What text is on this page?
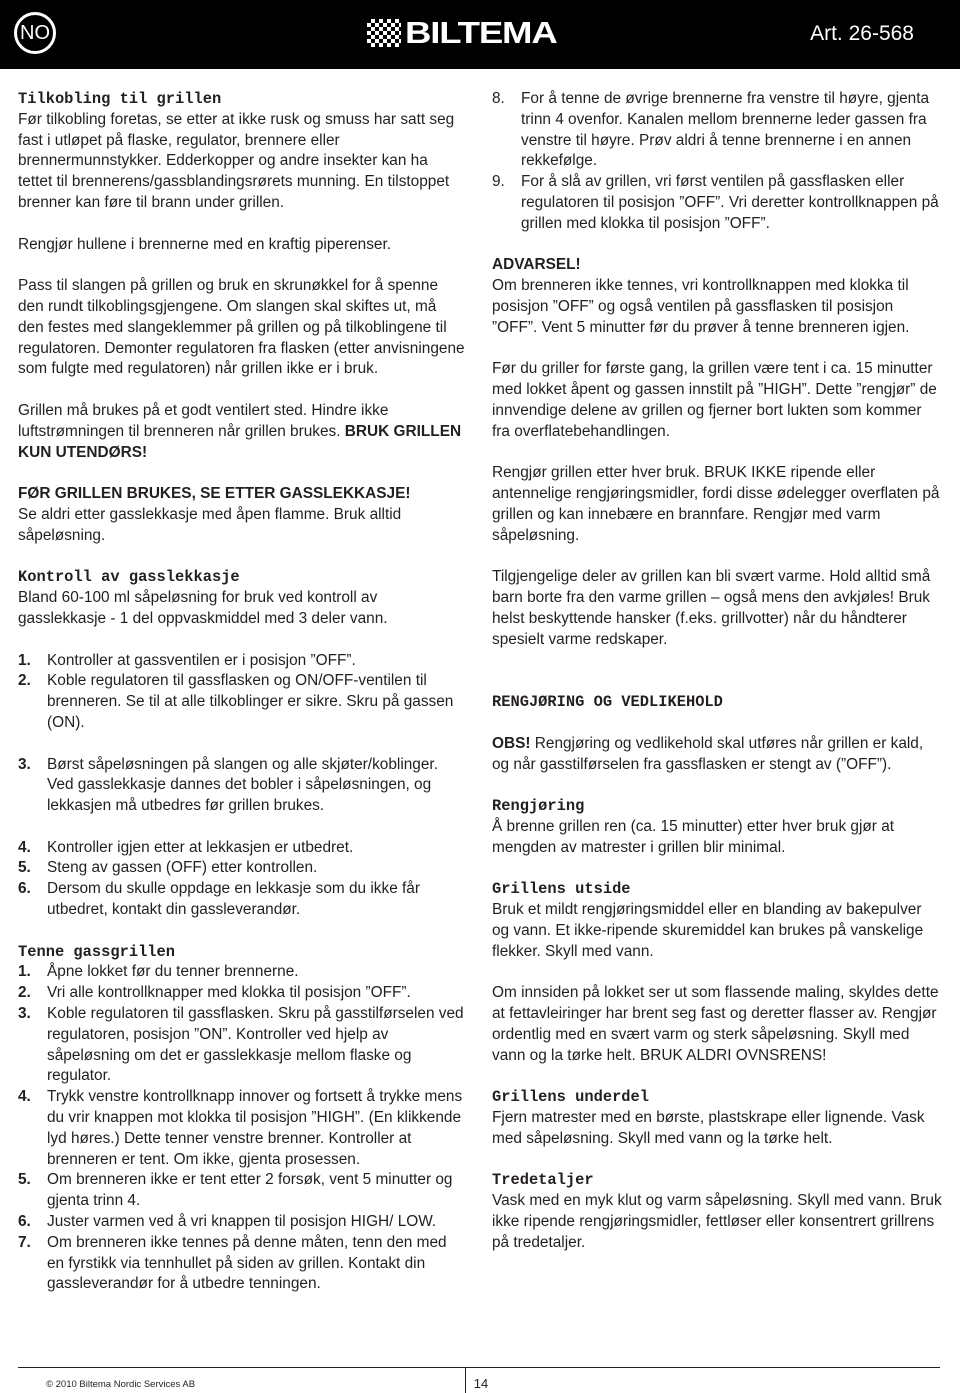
NO	BILTEMA	Art. 26-568

Tilkobling til grillen

Før tilkobling foretas, se etter at ikke rusk og smuss har satt seg fast i utløpet på flaske, regulator, brennere eller brennermunnstykker. Edderkopper og andre insekter kan ha tettet til brennerens/gassblandingsrørets munning. En tilstoppet brenner kan føre til brann under grillen.

Rengjør hullene i brennerne med en kraftig piperenser.

Pass til slangen på grillen og bruk en skrunøkkel for å spenne den rundt tilkoblingsgjengene. Om slangen skal skiftes ut, må den festes med slangeklemmer på grillen og på tilkoblingene til regulatoren. Demonter regulatoren fra flasken (etter anvisningene som fulgte med regulatoren) når grillen ikke er i bruk.

Grillen må brukes på et godt ventilert sted. Hindre ikke luftstrømningen til brenneren når grillen brukes. BRUK GRILLEN KUN UTENDØRS!

FØR GRILLEN BRUKES, SE ETTER GASSLEKKASJE!

Se aldri etter gasslekkasje med åpen flamme. Bruk alltid såpeløsning.

Kontroll av gasslekkasje

Bland 60-100 ml såpeløsning for bruk ved kontroll av gasslekkasje - 1 del oppvaskmiddel med 3 deler vann.

1.	Kontroller at gassventilen er i posisjon ”OFF”.
2.	Koble regulatoren til gassflasken og ON/OFF-ventilen til brenneren. Se til at alle tilkoblinger er sikre. Skru på gassen (ON).
3.	Børst såpeløsningen på slangen og alle skjøter/koblinger. Ved gasslekkasje dannes det bobler i såpeløsningen, og lekkasjen må utbedres før grillen brukes.
4.	Kontroller igjen etter at lekkasjen er utbedret.
5.	Steng av gassen (OFF) etter kontrollen.
6.	Dersom du skulle oppdage en lekkasje som du ikke får utbedret, kontakt din gassleverandør.

Tenne gassgrillen

1.	Åpne lokket før du tenner brennerne.
2.	Vri alle kontrollknapper med klokka til posisjon ”OFF”.
3.	Koble regulatoren til gassflasken. Skru på gasstilførselen ved regulatoren, posisjon ”ON”. Kontroller ved hjelp av såpeløsning om det er gasslekkasje mellom flaske og regulator.
4.	Trykk venstre kontrollknapp innover og fortsett å trykke mens du vrir knappen mot klokka til posisjon ”HIGH”. (En klikkende lyd høres.) Dette tenner venstre brenner. Kontroller at brenneren er tent. Om ikke, gjenta prosessen.
5.	Om brenneren ikke er tent etter 2 forsøk, vent 5 minutter og gjenta trinn 4.
6.	Juster varmen ved å vri knappen til posisjon HIGH/ LOW.
7.	Om brenneren ikke tennes på denne måten, tenn den med en fyrstikk via tennhullet på siden av grillen. Kontakt din gassleverandør for å utbedre tenningen.
8.	For å tenne de øvrige brennerne fra venstre til høyre, gjenta trinn 4 ovenfor. Kanalen mellom brennerne leder gassen fra venstre til høyre. Prøv aldri å tenne brennerne i en annen rekkefølge.
9.	For å slå av grillen, vri først ventilen på gassflasken eller regulatoren til posisjon ”OFF”. Vri deretter kontrollknappen på grillen med klokka til posisjon ”OFF”.

ADVARSEL!

Om brenneren ikke tennes, vri kontrollknappen med klokka til posisjon ”OFF” og også ventilen på gassflasken til posisjon ”OFF”. Vent 5 minutter før du prøver å tenne brenneren igjen.

Før du griller for første gang, la grillen være tent i ca. 15 minutter med lokket åpent og gassen innstilt på ”HIGH”. Dette ”rengjør” de innvendige delene av grillen og fjerner bort lukten som kommer fra overflatebehandlingen.

Rengjør grillen etter hver bruk. BRUK IKKE ripende eller antennelige rengjøringsmidler, fordi disse ødelegger overflaten på grillen og kan innebære en brannfare. Rengjør med varm såpeløsning.

Tilgjengelige deler av grillen kan bli svært varme. Hold alltid små barn borte fra den varme grillen – også mens den avkjøles! Bruk helst beskyttende hansker (f.eks. grillvotter) når du håndterer spesielt varme redskaper.

RENGJØRING OG VEDLIKEHOLD

OBS! Rengjøring og vedlikehold skal utføres når grillen er kald, og når gasstilførselen fra gassflasken er stengt av (”OFF”).

Rengjøring

Å brenne grillen ren (ca. 15 minutter) etter hver bruk gjør at mengden av matrester i grillen blir minimal.

Grillens utside

Bruk et mildt rengjøringsmiddel eller en blanding av bakepulver og vann. Et ikke-ripende skuremiddel kan brukes på vanskelige flekker. Skyll med vann.

Om innsiden på lokket ser ut som flassende maling, skyldes dette at fettavleiringer har brent seg fast og deretter flasser av. Rengjør ordentlig med en svært varm og sterk såpeløsning. Skyll med vann og la tørke helt. BRUK ALDRI OVNSRENS!

Grillens underdel

Fjern matrester med en børste, plastskrape eller lignende. Vask med såpeløsning. Skyll med vann og la tørke helt.

Tredetaljer

Vask med en myk klut og varm såpeløsning. Skyll med vann. Bruk ikke ripende rengjøringsmidler, fettløser eller konsentrert grillrens på tredetaljer.

© 2010 Biltema Nordic Services AB	14
